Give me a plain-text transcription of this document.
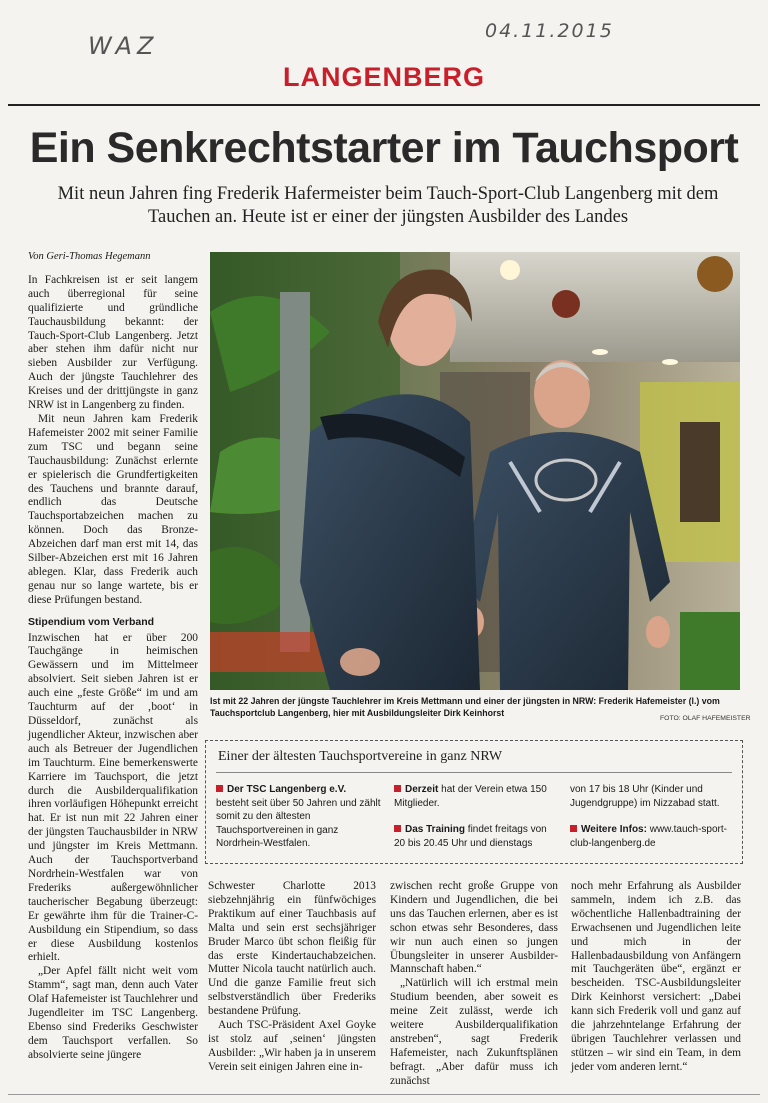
WAZ
04.11.2015
LANGENBERG
Ein Senkrechtstarter im Tauchsport
Mit neun Jahren fing Frederik Hafermeister beim Tauch-Sport-Club Langenberg mit dem Tauchen an. Heute ist er einer der jüngsten Ausbilder des Landes

Von Geri-Thomas Hegemann

In Fachkreisen ist er seit langem auch überregional für seine qualifizierte und gründliche Tauchausbildung bekannt: der Tauch-Sport-Club Langenberg. Jetzt aber stehen ihm dafür nicht nur sieben Ausbilder zur Verfügung. Auch der jüngste Tauchlehrer des Kreises und der drittjüngste in ganz NRW ist in Langenberg zu finden.

Mit neun Jahren kam Frederik Hafemeister 2002 mit seiner Familie zum TSC und begann seine Tauchausbildung: Zunächst erlernte er spielerisch die Grundfertigkeiten des Tauchens und brannte darauf, endlich das Deutsche Tauchsportabzeichen machen zu können. Doch das Bronze-Abzeichen darf man erst mit 14, das Silber-Abzeichen erst mit 16 Jahren ablegen. Klar, dass Frederik auch genau nur so lange wartete, bis er diese Prüfungen bestand.

Stipendium vom Verband

Inzwischen hat er über 200 Tauchgänge in heimischen Gewässern und im Mittelmeer absolviert. Seit sieben Jahren ist er auch eine „feste Größe“ im und am Tauchturm auf der ‚boot‘ in Düsseldorf, zunächst als jugendlicher Akteur, inzwischen aber auch als Betreuer der Jugendlichen im Tauchturm. Eine bemerkenswerte Karriere im Tauchsport, die jetzt durch die Ausbilderqualifikation ihren vorläufigen Höhepunkt erreicht hat. Er ist nun mit 22 Jahren einer der jüngsten Tauchausbilder in NRW und jüngster im Kreis Mettmann. Auch der Tauchsportverband Nordrhein-Westfalen war von Frederiks außergewöhnlicher taucherischer Begabung überzeugt: Er gewährte ihm für die Trainer-C-Ausbildung ein Stipendium, so dass er diese Ausbildung kostenlos erhielt.

„Der Apfel fällt nicht weit vom Stamm“, sagt man, denn auch Vater Olaf Hafemeister ist Tauchlehrer und Jugendleiter im TSC Langenberg. Ebenso sind Frederiks Geschwister dem Tauchsport verfallen. So absolvierte seine jüngere

Ist mit 22 Jahren der jüngste Tauchlehrer im Kreis Mettmann und einer der jüngsten in NRW: Frederik Hafemeister (l.) vom Tauchsportclub Langenberg, hier mit Ausbildungsleiter Dirk Keinhorst
FOTO: OLAF HAFEMEISTER
Einer der ältesten Tauchsportvereine in ganz NRW
Der TSC Langenberg e.V. besteht seit über 50 Jahren und zählt somit zu den ältesten Tauchsportvereinen in ganz Nordrhein-Westfalen.
Derzeit hat der Verein etwa 150 Mitglieder.
Das Training findet freitags von 20 bis 20.45 Uhr und dienstags
von 17 bis 18 Uhr (Kinder und Jugendgruppe) im Nizzabad statt.
Weitere Infos: www.tauch-sport-club-langenberg.de

Schwester Charlotte 2013 siebzehnjährig ein fünfwöchiges Praktikum auf einer Tauchbasis auf Malta und sein erst sechsjähriger Bruder Marco übt schon fleißig für das erste Kindertauchabzeichen. Mutter Nicola taucht natürlich auch. Und die ganze Familie freut sich selbstverständlich über Frederiks bestandene Prüfung.

Auch TSC-Präsident Axel Goyke ist stolz auf ‚seinen‘ jüngsten Ausbilder: „Wir haben ja in unserem Verein seit einigen Jahren eine in-

zwischen recht große Gruppe von Kindern und Jugendlichen, die bei uns das Tauchen erlernen, aber es ist schon etwas sehr Besonderes, dass wir nun auch einen so jungen Übungsleiter in unserer Ausbilder-Mannschaft haben.“

„Natürlich will ich erstmal mein Studium beenden, aber soweit es meine Zeit zulässt, werde ich weitere Ausbilderqualifikation anstreben“, sagt Frederik Hafemeister, nach Zukunftsplänen befragt. „Aber dafür muss ich zunächst

noch mehr Erfahrung als Ausbilder sammeln, indem ich z.B. das wöchentliche Hallenbadtraining der Erwachsenen und Jugendlichen leite und mich in der Hallenbadausbildung von Anfängern mit Tauchgeräten übe“, ergänzt er bescheiden. TSC-Ausbildungsleiter Dirk Keinhorst versichert: „Dabei kann sich Frederik voll und ganz auf die jahrzehntelange Erfahrung der übrigen Tauchlehrer verlassen und stützen – wir sind ein Team, in dem jeder vom anderen lernt.“
